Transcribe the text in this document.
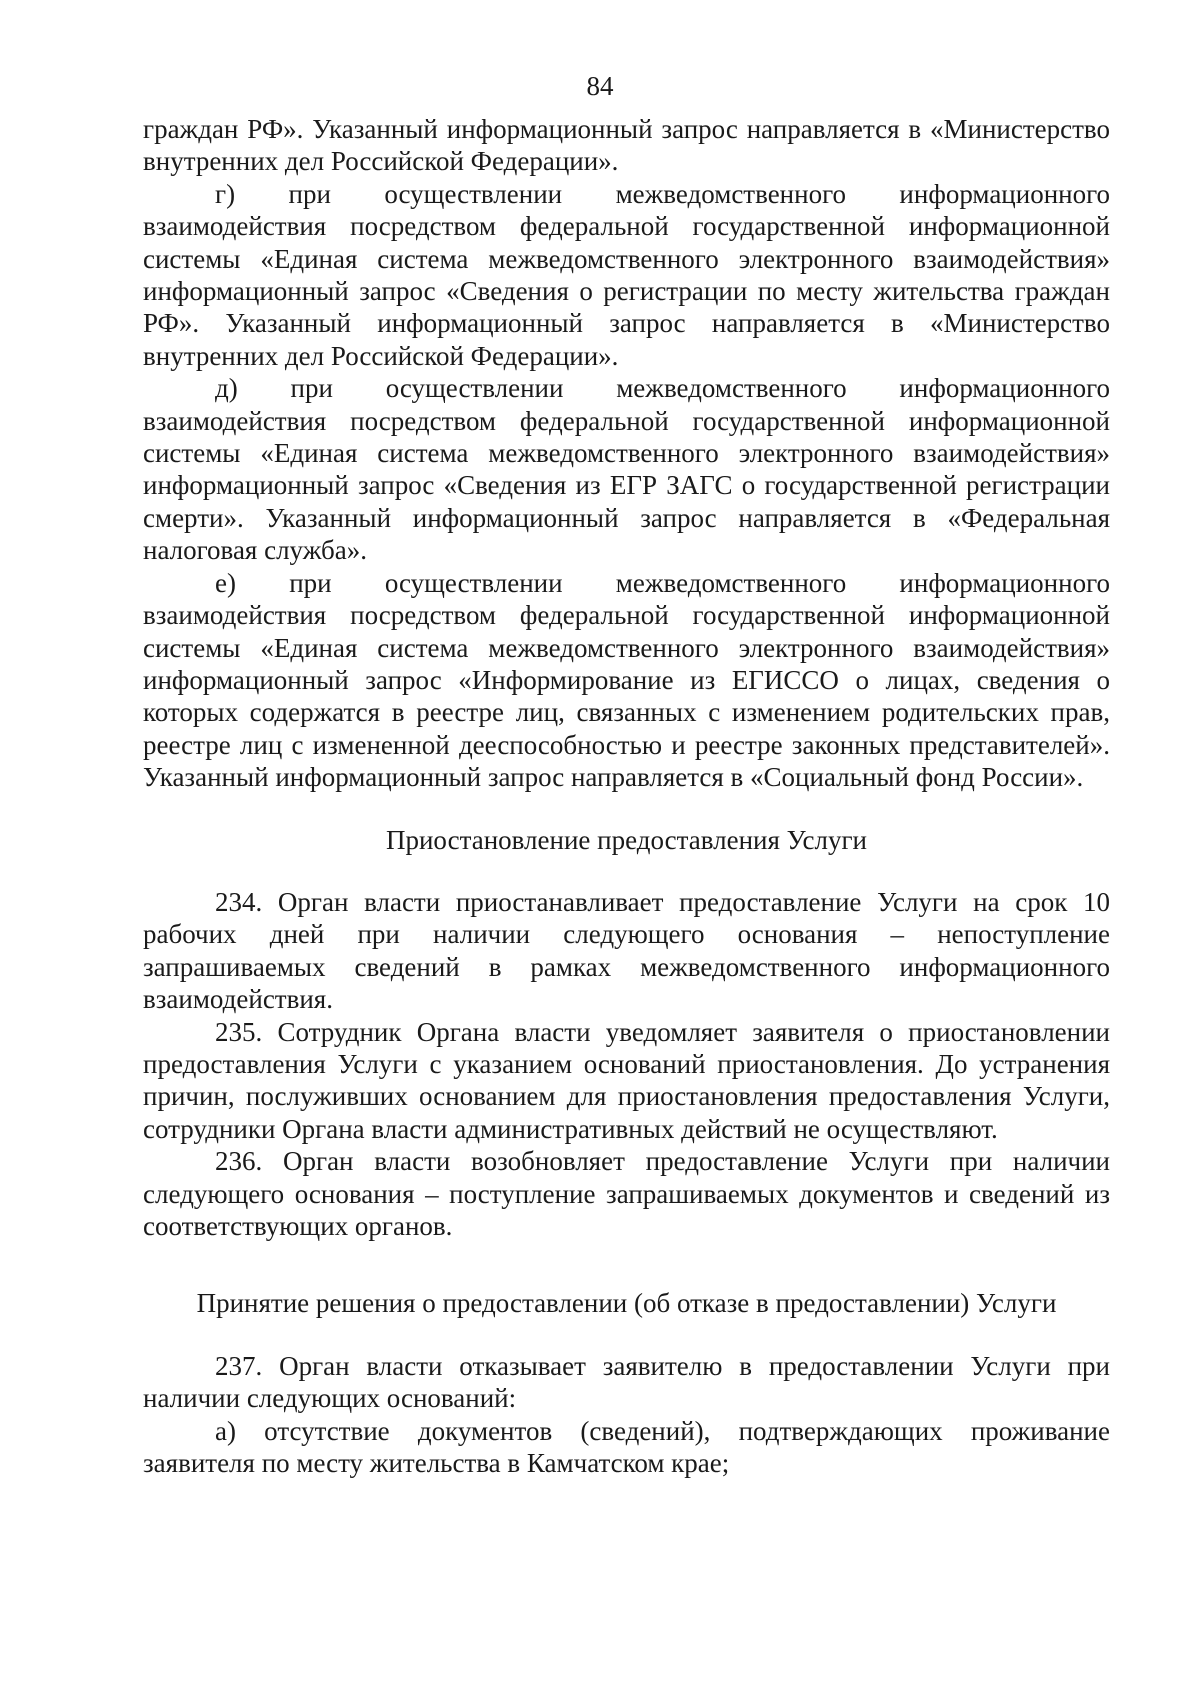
84

граждан РФ». Указанный информационный запрос направляется в «Министерство внутренних дел Российской Федерации».

г) при осуществлении межведомственного информационного взаимодействия посредством федеральной государственной информационной системы «Единая система межведомственного электронного взаимодействия» информационный запрос «Сведения о регистрации по месту жительства граждан РФ». Указанный информационный запрос направляется в «Министерство внутренних дел Российской Федерации».

д) при осуществлении межведомственного информационного взаимодействия посредством федеральной государственной информационной системы «Единая система межведомственного электронного взаимодействия» информационный запрос «Сведения из ЕГР ЗАГС о государственной регистрации смерти». Указанный информационный запрос направляется в «Федеральная налоговая служба».

е) при осуществлении межведомственного информационного взаимодействия посредством федеральной государственной информационной системы «Единая система межведомственного электронного взаимодействия» информационный запрос «Информирование из ЕГИССО о лицах, сведения о которых содержатся в реестре лиц, связанных с изменением родительских прав, реестре лиц с измененной дееспособностью и реестре законных представителей». Указанный информационный запрос направляется в «Социальный фонд России».

Приостановление предоставления Услуги

234. Орган власти приостанавливает предоставление Услуги на срок 10 рабочих дней при наличии следующего основания – непоступление запрашиваемых сведений в рамках межведомственного информационного взаимодействия.

235. Сотрудник Органа власти уведомляет заявителя о приостановлении предоставления Услуги с указанием оснований приостановления. До устранения причин, послуживших основанием для приостановления предоставления Услуги, сотрудники Органа власти административных действий не осуществляют.

236. Орган власти возобновляет предоставление Услуги при наличии следующего основания – поступление запрашиваемых документов и сведений из соответствующих органов.

Принятие решения о предоставлении (об отказе в предоставлении) Услуги

237. Орган власти отказывает заявителю в предоставлении Услуги при наличии следующих оснований:

а) отсутствие документов (сведений), подтверждающих проживание заявителя по месту жительства в Камчатском крае;
